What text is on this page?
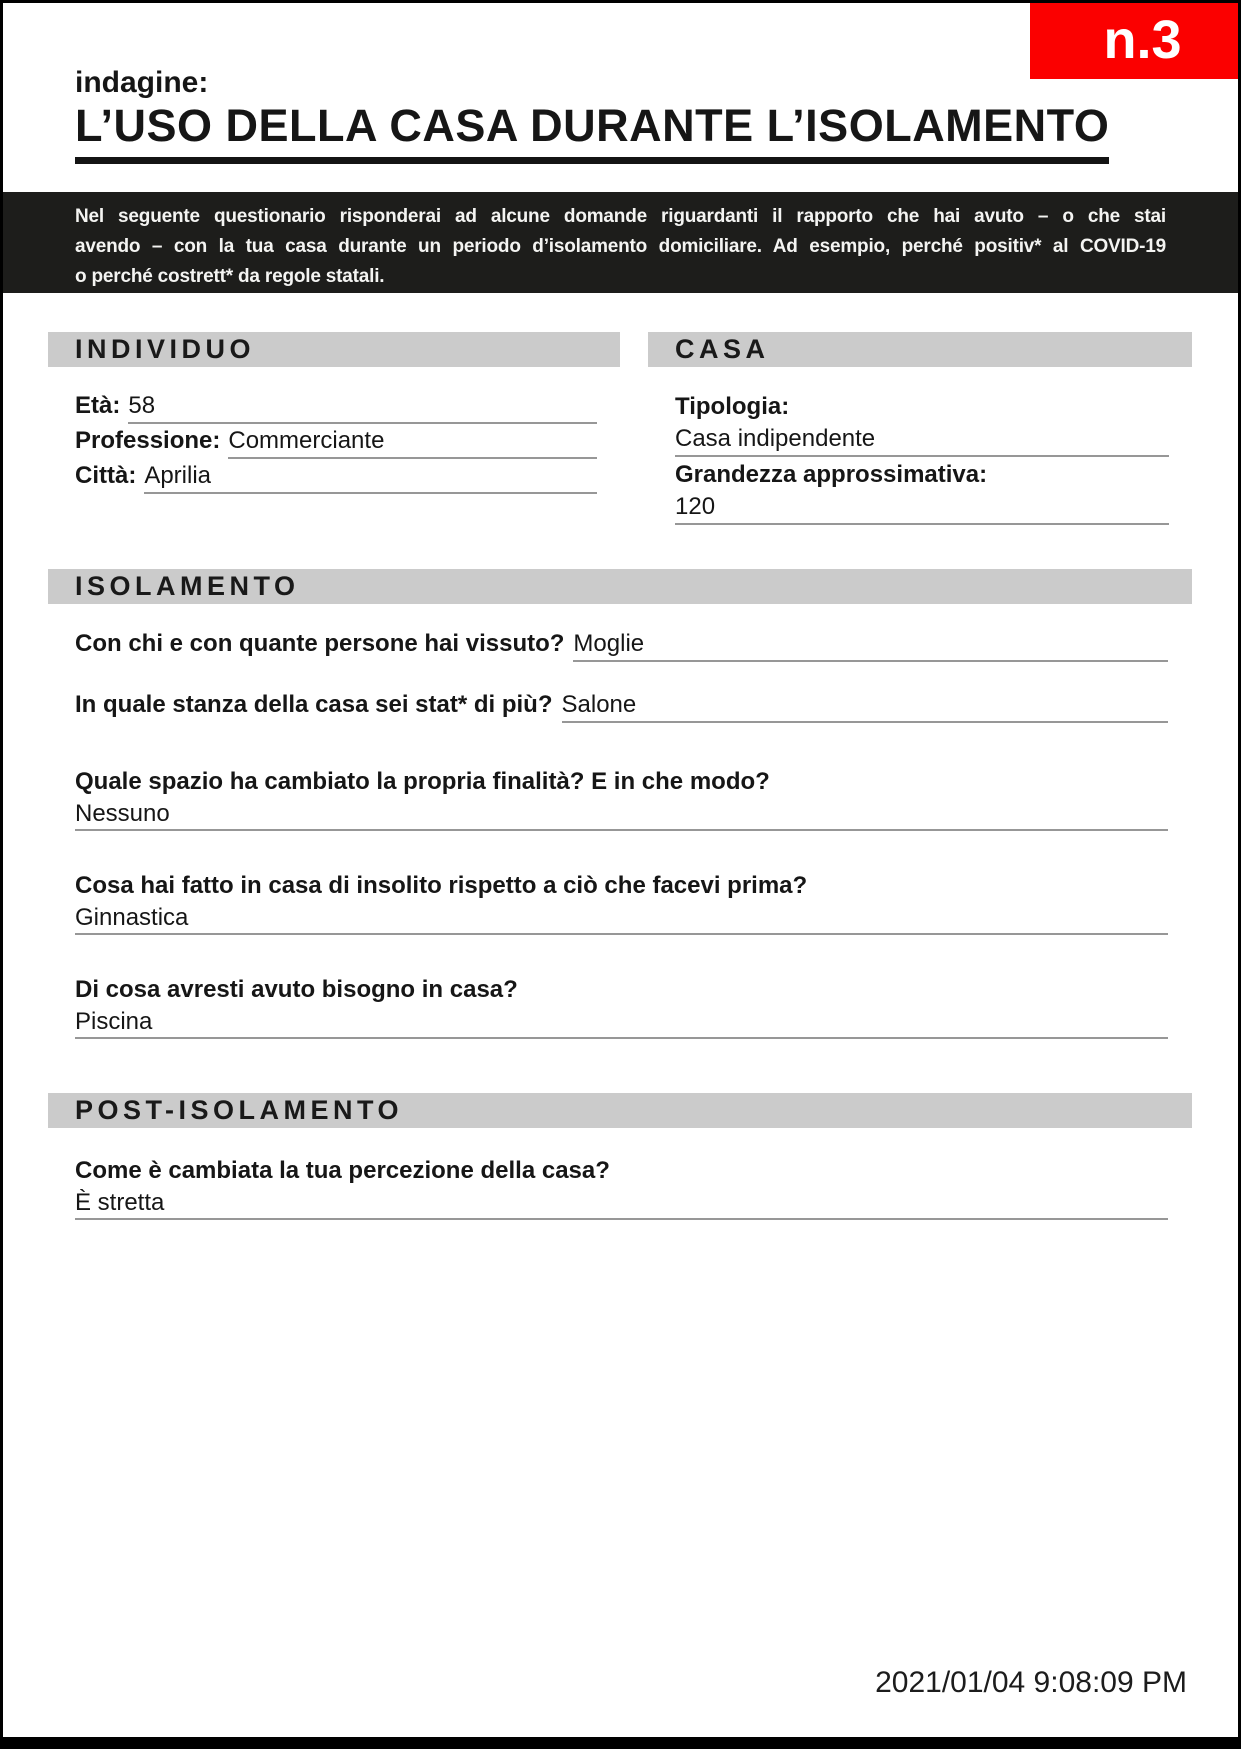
n.3
indagine:
L’USO DELLA CASA DURANTE L’ISOLAMENTO
Nel seguente questionario risponderai ad alcune domande riguardanti il rapporto che hai avuto – o che stai
avendo – con la tua casa durante un periodo d’isolamento domiciliare. Ad esempio, perché positiv* al COVID-19
o perché costrett* da regole statali.
INDIVIDUO
Età: 58
Professione: Commerciante
Città: Aprilia
CASA
Tipologia:
Casa indipendente
Grandezza approssimativa:
120
ISOLAMENTO
Con chi e con quante persone hai vissuto? Moglie
In quale stanza della casa sei stat* di più? Salone
Quale spazio ha cambiato la propria finalità? E in che modo?
Nessuno
Cosa hai fatto in casa di insolito rispetto a ciò che facevi prima?
Ginnastica
Di cosa avresti avuto bisogno in casa?
Piscina
POST-ISOLAMENTO
Come è cambiata la tua percezione della casa?
È stretta
2021/01/04 9:08:09 PM
